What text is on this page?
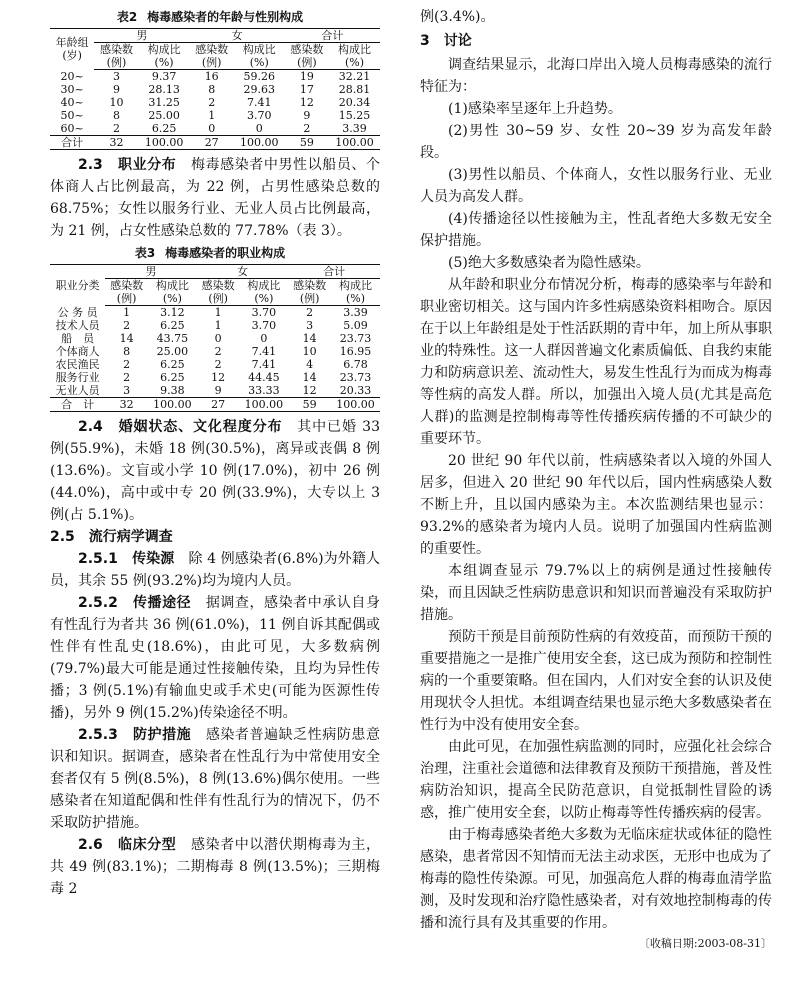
表2 梅毒感染者的年龄与性别构成
年龄组
(岁)	男		女		合计	
	感染数	构成比	感染数	构成比	感染数	构成比
	(例)	(%)	(例)	(%)	(例)	(%)
20~	3	9.37	16	59.26	19	32.21
30~	9	28.13	8	29.63	17	28.81
40~	10	31.25	2	7.41	12	20.34
50~	8	25.00	1	3.70	9	15.25
60~	2	6.25	0	0	2	3.39
合计	32	100.00	27	100.00	59	100.00

2.3　职业分布　 梅毒感染者中男性以船员、个体商人占比例最高，为 22 例，占男性感染总数的 68.75%；女性以服务行业、无业人员占比例最高，为 21 例，占女性感染总数的 77.78%（表 3）。

表3 梅毒感染者的职业构成
职业分类	男		女		合计	
	感染数	构成比	感染数	构成比	感染数	构成比
	(例)	(%)	(例)	(%)	(例)	(%)
公 务 员	1	3.12	1	3.70	2	3.39
技术人员	2	6.25	1	3.70	3	5.09
船　员	14	43.75	0	0	14	23.73
个体商人	8	25.00	2	7.41	10	16.95
农民渔民	2	6.25	2	7.41	4	6.78
服务行业	2	6.25	12	44.45	14	23.73
无业人员	3	9.38	9	33.33	12	20.33
合　计	32	100.00	27	100.00	59	100.00

2.4　婚姻状态、文化程度分布　 其中已婚 33 例(55.9%)，未婚 18 例(30.5%)，离异或丧偶 8 例(13.6%)。文盲或小学 10 例(17.0%)，初中 26 例(44.0%)，高中或中专 20 例(33.9%)，大专以上 3 例(占 5.1%)。

2.5　流行病学调查

2.5.1　传染源　 除 4 例感染者(6.8%)为外籍人员，其余 55 例(93.2%)均为境内人员。

2.5.2　传播途径　 据调查，感染者中承认自身有性乱行为者共 36 例(61.0%)，11 例自诉其配偶或性伴有性乱史(18.6%)，由此可见，大多数病例(79.7%)最大可能是通过性接触传染，且均为异性传播；3 例(5.1%)有输血史或手术史(可能为医源性传播)，另外 9 例(15.2%)传染途径不明。

2.5.3　防护措施　 感染者普遍缺乏性病防患意识和知识。据调查，感染者在性乱行为中常使用安全套者仅有 5 例(8.5%)，8 例(13.6%)偶尔使用。一些感染者在知道配偶和性伴有性乱行为的情况下，仍不采取防护措施。

2.6　临床分型　 感染者中以潜伏期梅毒为主，共 49 例(83.1%)；二期梅毒 8 例(13.5%)；三期梅毒 2

例(3.4%)。

3　讨论

调查结果显示，北海口岸出入境人员梅毒感染的流行特征为：

(1)感染率呈逐年上升趋势。

(2)男性 30~59 岁、女性 20~39 岁为高发年龄段。

(3)男性以船员、个体商人，女性以服务行业、无业人员为高发人群。

(4)传播途径以性接触为主，性乱者绝大多数无安全保护措施。

(5)绝大多数感染者为隐性感染。

从年龄和职业分布情况分析，梅毒的感染率与年龄和职业密切相关。这与国内许多性病感染资料相吻合。原因在于以上年龄组是处于性活跃期的青中年，加上所从事职业的特殊性。这一人群因普遍文化素质偏低、自我约束能力和防病意识差、流动性大，易发生性乱行为而成为梅毒等性病的高发人群。所以，加强出入境人员(尤其是高危人群)的监测是控制梅毒等性传播疾病传播的不可缺少的重要环节。

20 世纪 90 年代以前，性病感染者以入境的外国人居多，但进入 20 世纪 90 年代以后，国内性病感染人数不断上升，且以国内感染为主。本次监测结果也显示：93.2%的感染者为境内人员。说明了加强国内性病监测的重要性。

本组调查显示 79.7%以上的病例是通过性接触传染，而且因缺乏性病防患意识和知识而普遍没有采取防护措施。

预防干预是目前预防性病的有效疫苗，而预防干预的重要措施之一是推广使用安全套，这已成为预防和控制性病的一个重要策略。但在国内，人们对安全套的认识及使用现状令人担忧。本组调查结果也显示绝大多数感染者在性行为中没有使用安全套。

由此可见，在加强性病监测的同时，应强化社会综合治理，注重社会道德和法律教育及预防干预措施，普及性病防治知识，提高全民防范意识，自觉抵制性冒险的诱惑，推广使用安全套，以防止梅毒等性传播疾病的侵害。

由于梅毒感染者绝大多数为无临床症状或体征的隐性感染，患者常因不知情而无法主动求医，无形中也成为了梅毒的隐性传染源。可见，加强高危人群的梅毒血清学监测，及时发现和治疗隐性感染者，对有效地控制梅毒的传播和流行具有及其重要的作用。

〔收稿日期:2003-08-31〕
